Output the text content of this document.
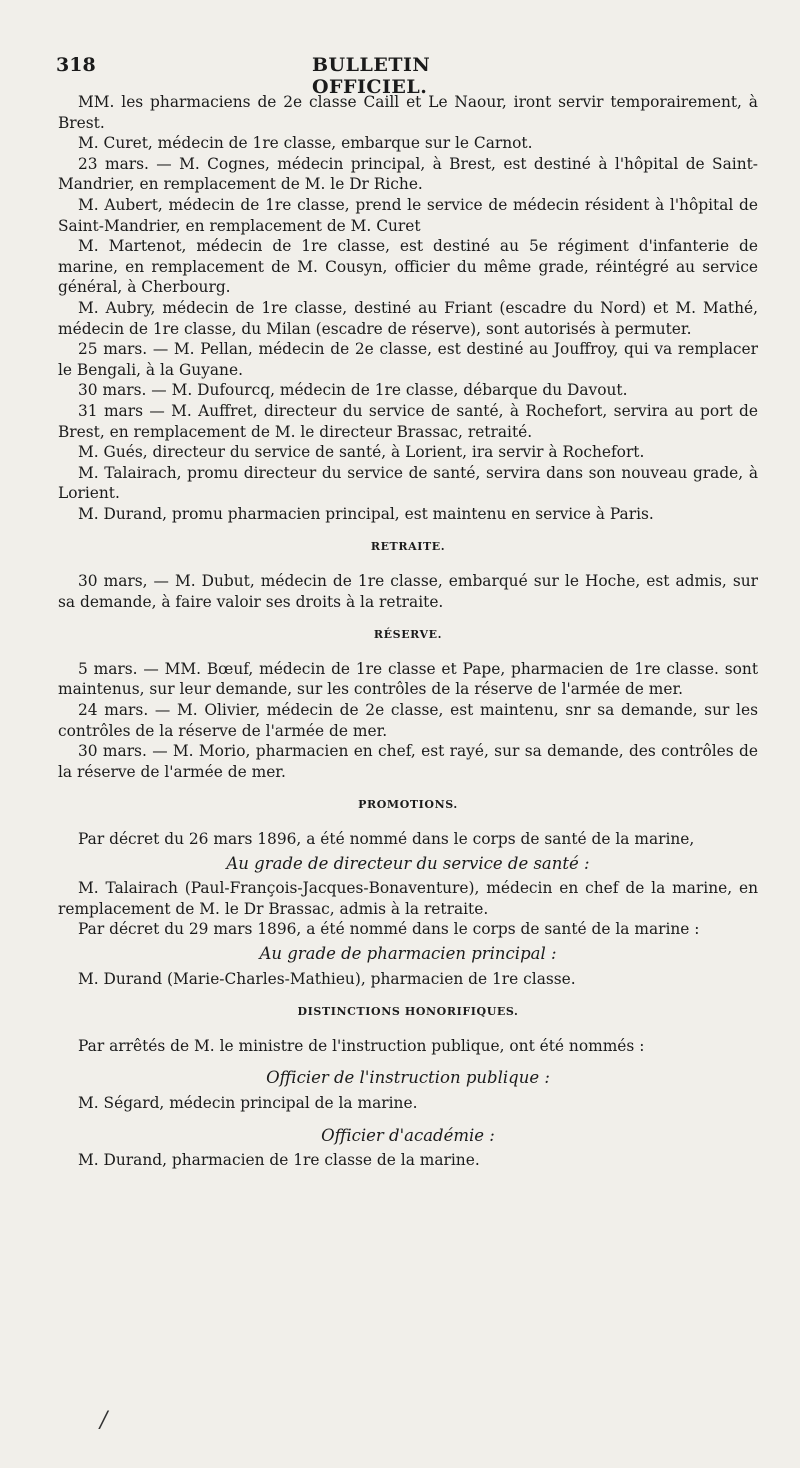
318	BULLETIN OFFICIEL.

MM. les pharmaciens de 2e classe Caill et Le Naour, iront servir temporairement, à Brest.

M. Curet, médecin de 1re classe, embarque sur le Carnot.

23 mars. — M. Cognes, médecin principal, à Brest, est destiné à l'hôpital de Saint-Mandrier, en remplacement de M. le Dr Riche.

M. Aubert, médecin de 1re classe, prend le service de médecin résident à l'hôpital de Saint-Mandrier, en remplacement de M. Curet

M. Martenot, médecin de 1re classe, est destiné au 5e régiment d'infanterie de marine, en remplacement de M. Cousyn, officier du même grade, réintégré au service général, à Cherbourg.

M. Aubry, médecin de 1re classe, destiné au Friant (escadre du Nord) et M. Mathé, médecin de 1re classe, du Milan (escadre de réserve), sont autorisés à permuter.

25 mars. — M. Pellan, médecin de 2e classe, est destiné au Jouffroy, qui va remplacer le Bengali, à la Guyane.

30 mars. — M. Dufourcq, médecin de 1re classe, débarque du Davout.

31 mars — M. Auffret, directeur du service de santé, à Rochefort, servira au port de Brest, en remplacement de M. le directeur Brassac, retraité.

M. Gués, directeur du service de santé, à Lorient, ira servir à Rochefort.

M. Talairach, promu directeur du service de santé, servira dans son nouveau grade, à Lorient.

M. Durand, promu pharmacien principal, est maintenu en service à Paris.

RETRAITE.

30 mars, — M. Dubut, médecin de 1re classe, embarqué sur le Hoche, est admis, sur sa demande, à faire valoir ses droits à la retraite.

RÉSERVE.

5 mars. — MM. Bœuf, médecin de 1re classe et Pape, pharmacien de 1re classe. sont maintenus, sur leur demande, sur les contrôles de la réserve de l'armée de mer.

24 mars. — M. Olivier, médecin de 2e classe, est maintenu, snr sa demande, sur les contrôles de la réserve de l'armée de mer.

30 mars. — M. Morio, pharmacien en chef, est rayé, sur sa demande, des contrôles de la réserve de l'armée de mer.

PROMOTIONS.

Par décret du 26 mars 1896, a été nommé dans le corps de santé de la marine,

Au grade de directeur du service de santé :

M. Talairach (Paul-François-Jacques-Bonaventure), médecin en chef de la marine, en remplacement de M. le Dr Brassac, admis à la retraite.

Par décret du 29 mars 1896, a été nommé dans le corps de santé de la marine :

Au grade de pharmacien principal :

M. Durand (Marie-Charles-Mathieu), pharmacien de 1re classe.

DISTINCTIONS HONORIFIQUES.

Par arrêtés de M. le ministre de l'instruction publique, ont été nommés :

Officier de l'instruction publique :

M. Ségard, médecin principal de la marine.

Officier d'académie :

M. Durand, pharmacien de 1re classe de la marine.

/
